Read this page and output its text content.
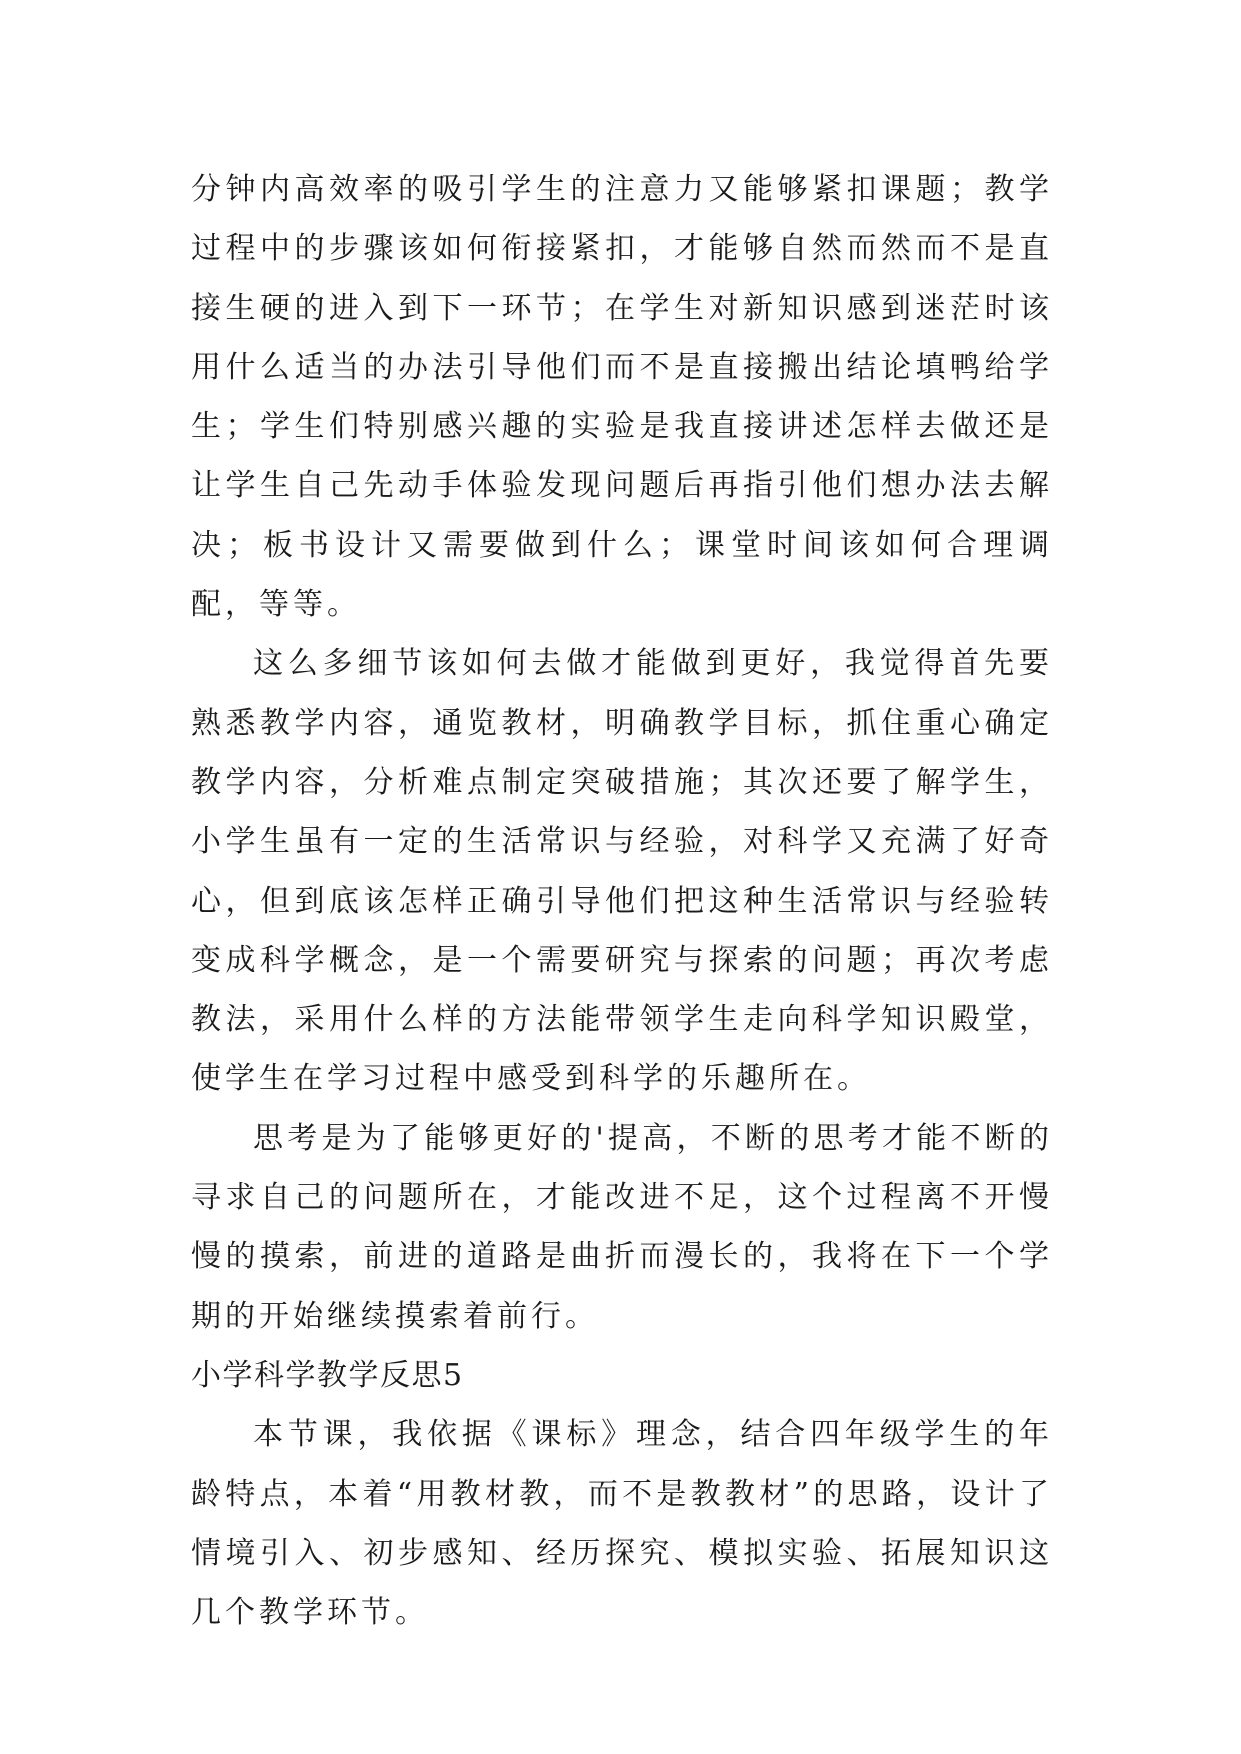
分钟内高效率的吸引学生的注意力又能够紧扣课题；教学过程中的步骤该如何衔接紧扣，才能够自然而然而不是直接生硬的进入到下一环节；在学生对新知识感到迷茫时该用什么适当的办法引导他们而不是直接搬出结论填鸭给学生；学生们特别感兴趣的实验是我直接讲述怎样去做还是让学生自己先动手体验发现问题后再指引他们想办法去解决；板书设计又需要做到什么；课堂时间该如何合理调配，等等。

这么多细节该如何去做才能做到更好，我觉得首先要熟悉教学内容，通览教材，明确教学目标，抓住重心确定教学内容，分析难点制定突破措施；其次还要了解学生，小学生虽有一定的生活常识与经验，对科学又充满了好奇心，但到底该怎样正确引导他们把这种生活常识与经验转变成科学概念，是一个需要研究与探索的问题；再次考虑教法，采用什么样的方法能带领学生走向科学知识殿堂，使学生在学习过程中感受到科学的乐趣所在。

思考是为了能够更好的'提高，不断的思考才能不断的寻求自己的问题所在，才能改进不足，这个过程离不开慢慢的摸索，前进的道路是曲折而漫长的，我将在下一个学期的开始继续摸索着前行。

小学科学教学反思5

本节课，我依据《课标》理念，结合四年级学生的年龄特点，本着“用教材教，而不是教教材”的思路，设计了情境引入、初步感知、经历探究、模拟实验、拓展知识这几个教学环节。
